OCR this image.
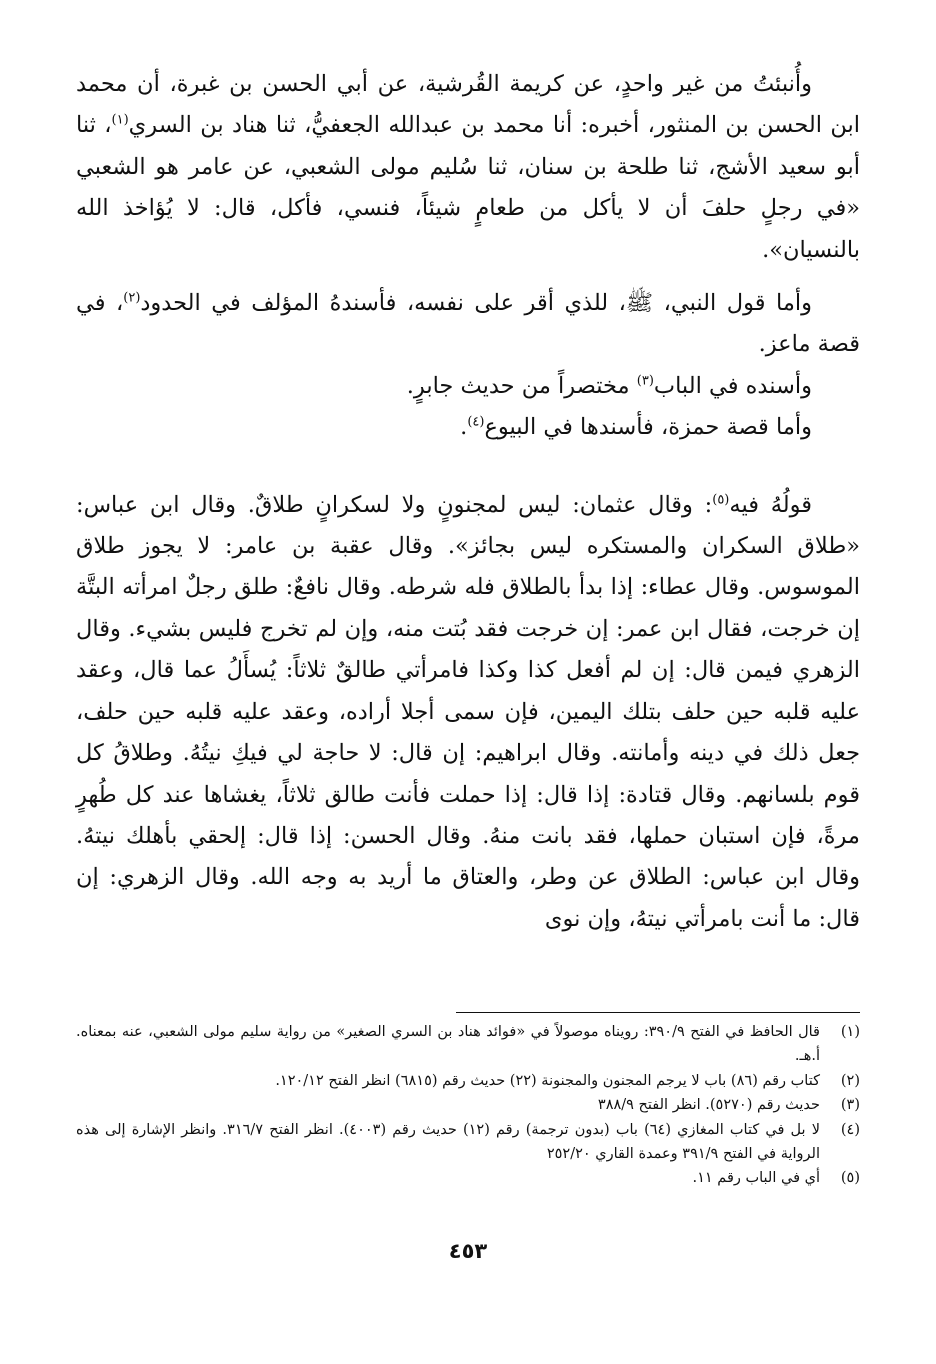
وأُنبئتُ من غير واحدٍ، عن كريمة القُرشية، عن أبي الحسن بن غبرة، أن محمد ابن الحسن بن المنثور، أخبره: أنا محمد بن عبدالله الجعفيُّ، ثنا هناد بن السري$^{(١)}$، ثنا أبو سعيد الأشج، ثنا طلحة بن سنان، ثنا سُليم مولى الشعبي، عن عامر هو الشعبي «في رجلٍ حلفَ أن لا يأكل من طعامٍ شيئاً، فنسي، فأكل، قال: لا يُؤاخذ الله بالنسيان».

وأما قول النبي، ﷺ، للذي أقر على نفسه، فأسندهُ المؤلف في الحدود$^{(٢)}$، في قصة ماعز.

وأسنده في الباب$^{(٣)}$ مختصراً من حديث جابرٍ.

وأما قصة حمزة، فأسندها في البيوع$^{(٤)}$.

قولُهُ فيه$^{(٥)}$: وقال عثمان: ليس لمجنونٍ ولا لسكرانٍ طلاقٌ. وقال ابن عباس: «طلاق السكران والمستكره ليس بجائز». وقال عقبة بن عامر: لا يجوز طلاق الموسوس. وقال عطاء: إذا بدأ بالطلاق فله شرطه. وقال نافعٌ: طلق رجلٌ امرأته البتَّة إن خرجت، فقال ابن عمر: إن خرجت فقد بُتت منه، وإن لم تخرج فليس بشيء. وقال الزهري فيمن قال: إن لم أفعل كذا وكذا فامرأتي طالقٌ ثلاثاً: يُسأَلُ عما قال، وعقد عليه قلبه حين حلف بتلك اليمين، فإن سمى أجلا أراده، وعقد عليه قلبه حين حلف، جعل ذلك في دينه وأمانته. وقال ابراهيم: إن قال: لا حاجة لي فيكِ نيتُهُ. وطلاقُ كل قوم بلسانهم. وقال قتادة: إذا قال: إذا حملت فأنت طالق ثلاثاً، يغشاها عند كل طُهرٍ مرةً، فإن استبان حملها، فقد بانت منهُ. وقال الحسن: إذا قال: إلحقي بأهلك نيتهُ. وقال ابن عباس: الطلاق عن وطر، والعتاق ما أريد به وجه الله. وقال الزهري: إن قال: ما أنت بامرأتي نيتهُ، وإن نوى

(١)
قال الحافظ في الفتح ٣٩٠/٩: رويناه موصولاً في «فوائد هناد بن السري الصغير» من رواية سليم مولى الشعبي، عنه بمعناه. أ.هـ.
(٢)
كتاب رقم (٨٦) باب لا يرجم المجنون والمجنونة (٢٢) حديث رقم (٦٨١٥) انظر الفتح ١٢٠/١٢.
(٣)
حديث رقم (٥٢٧٠). انظر الفتح ٣٨٨/٩
(٤)
لا بل في كتاب المغازي (٦٤) باب (بدون ترجمة) رقم (١٢) حديث رقم (٤٠٠٣). انظر الفتح ٣١٦/٧. وانظر الإشارة إلى هذه الرواية في الفتح ٣٩١/٩ وعمدة القاري ٢٥٢/٢٠
(٥)
أي في الباب رقم ١١.
٤٥٣
